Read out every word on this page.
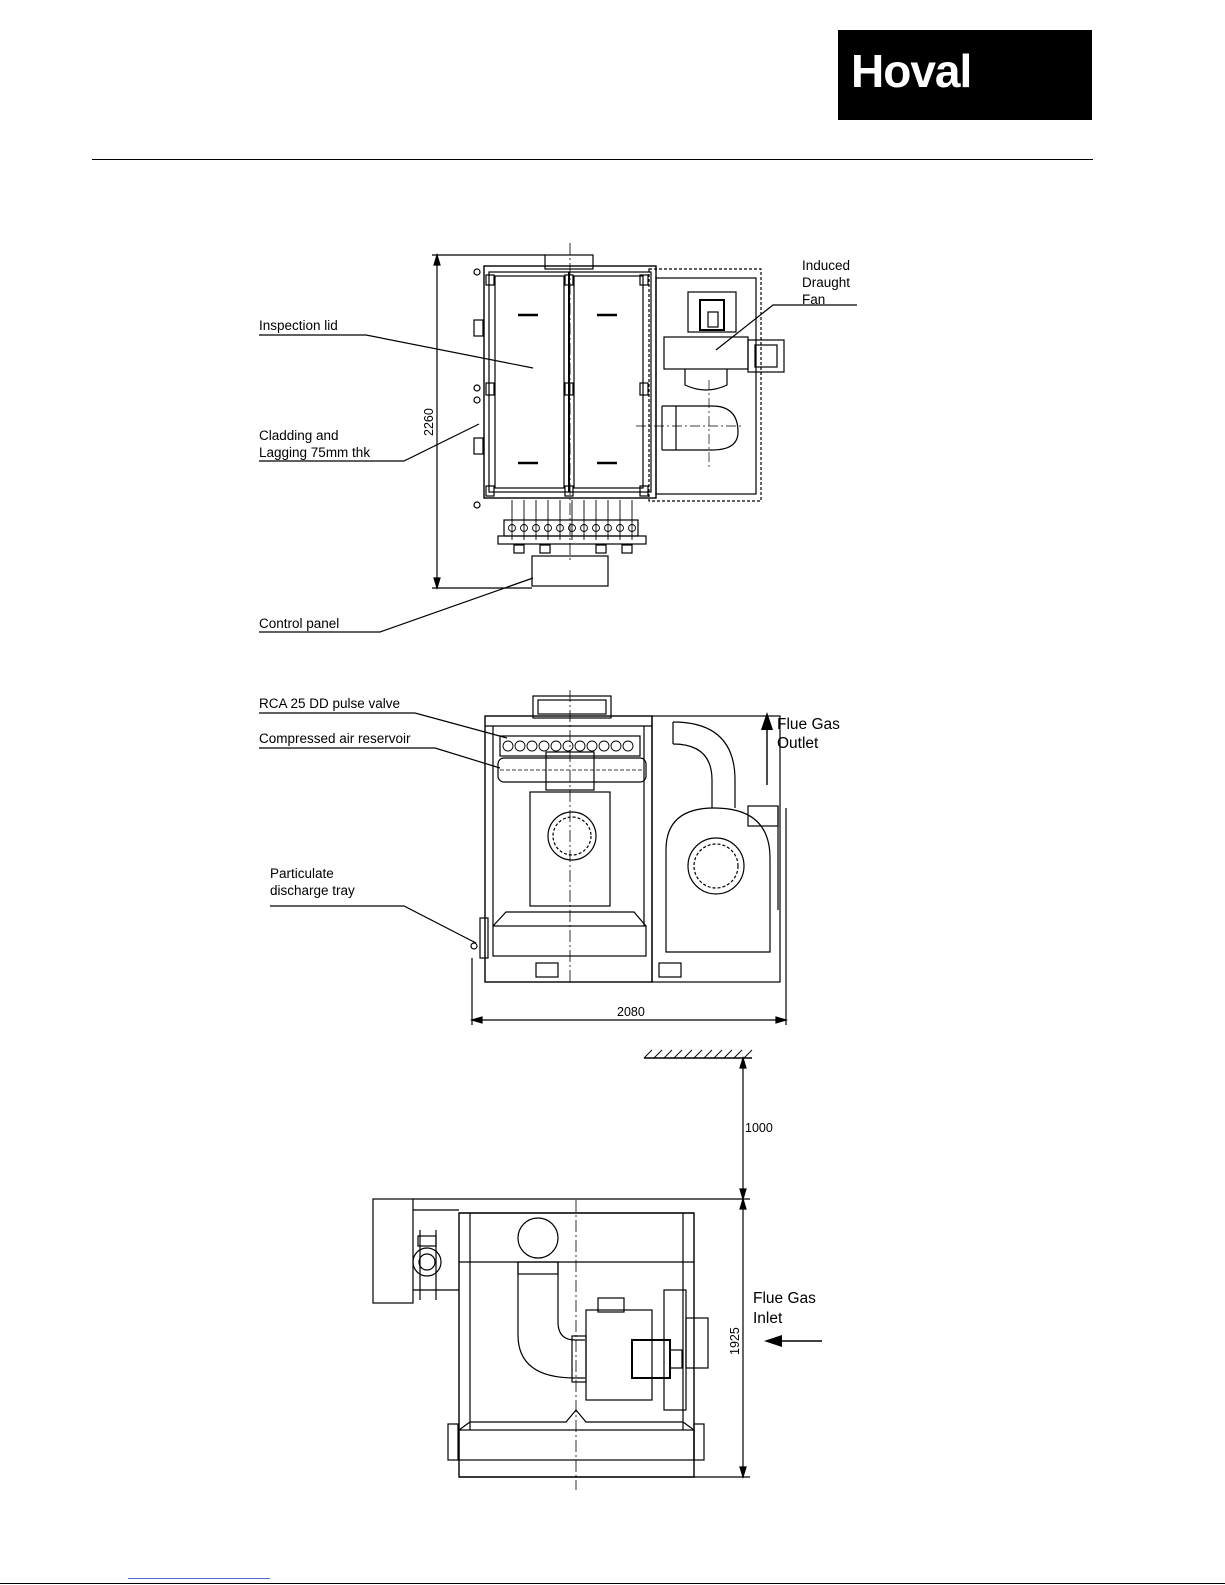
Hoval
Inspection lid
Cladding and
Lagging 75mm thk
Control panel
Induced
Draught
Fan
2260
RCA 25 DD pulse valve
Compressed air reservoir
Particulate
discharge tray
Flue Gas
Outlet
2080
1000
1925
Flue Gas
Inlet
